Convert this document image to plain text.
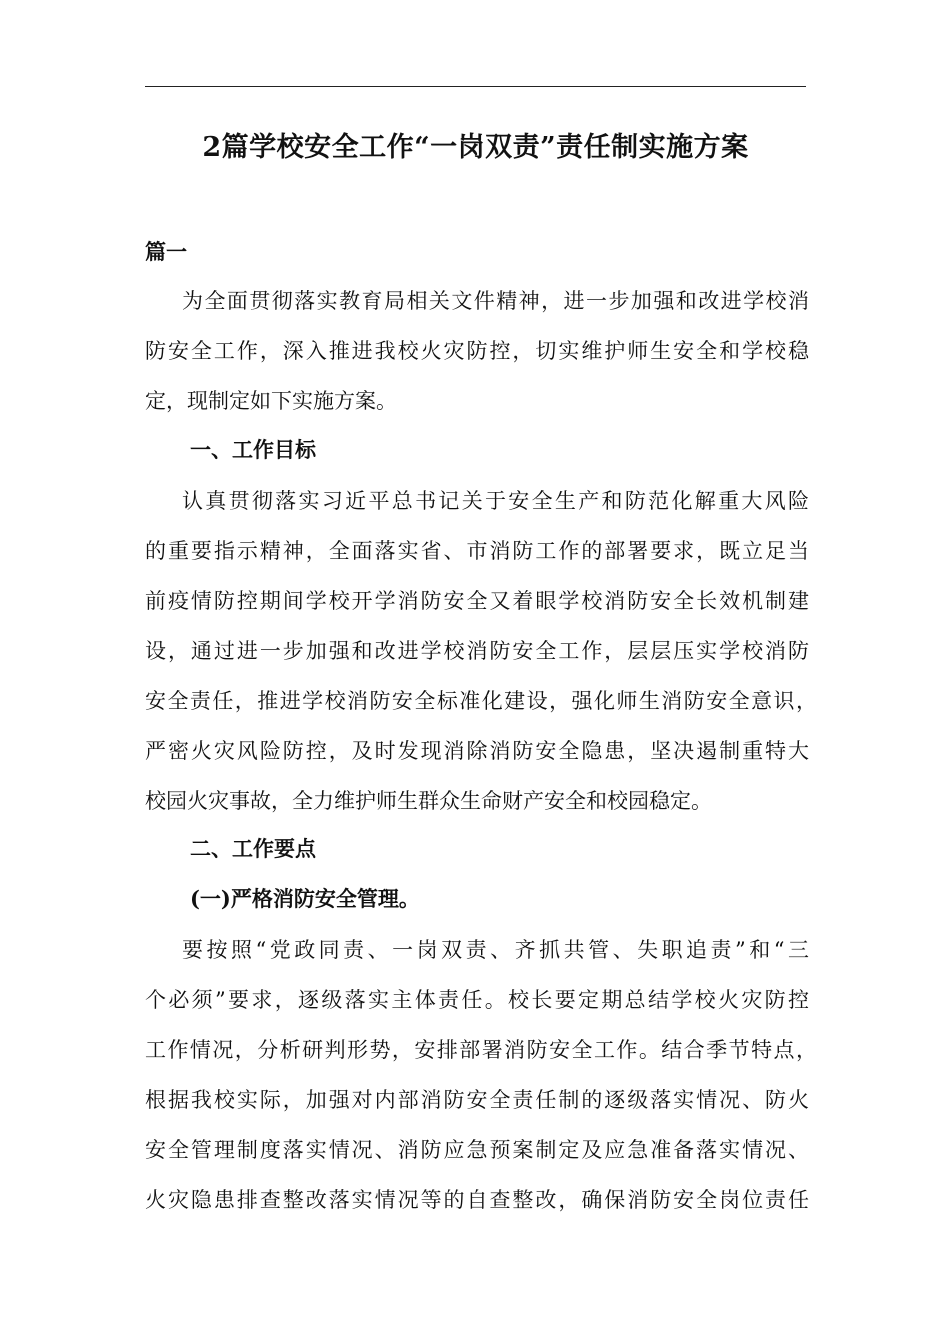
2篇学校安全工作“一岗双责”责任制实施方案

篇一

为全面贯彻落实教育局相关文件精神，进一步加强和改进学校消

防安全工作，深入推进我校火灾防控，切实维护师生安全和学校稳

定，现制定如下实施方案。

一、工作目标

认真贯彻落实习近平总书记关于安全生产和防范化解重大风险

的重要指示精神，全面落实省、市消防工作的部署要求，既立足当

前疫情防控期间学校开学消防安全又着眼学校消防安全长效机制建

设，通过进一步加强和改进学校消防安全工作，层层压实学校消防

安全责任，推进学校消防安全标准化建设，强化师生消防安全意识，

严密火灾风险防控，及时发现消除消防安全隐患，坚决遏制重特大

校园火灾事故，全力维护师生群众生命财产安全和校园稳定。

二、工作要点

(一)严格消防安全管理。

要按照“党政同责、一岗双责、齐抓共管、失职追责”和“三

个必须”要求，逐级落实主体责任。校长要定期总结学校火灾防控

工作情况，分析研判形势，安排部署消防安全工作。结合季节特点，

根据我校实际，加强对内部消防安全责任制的逐级落实情况、防火

安全管理制度落实情况、消防应急预案制定及应急准备落实情况、

火灾隐患排查整改落实情况等的自查整改，确保消防安全岗位责任
